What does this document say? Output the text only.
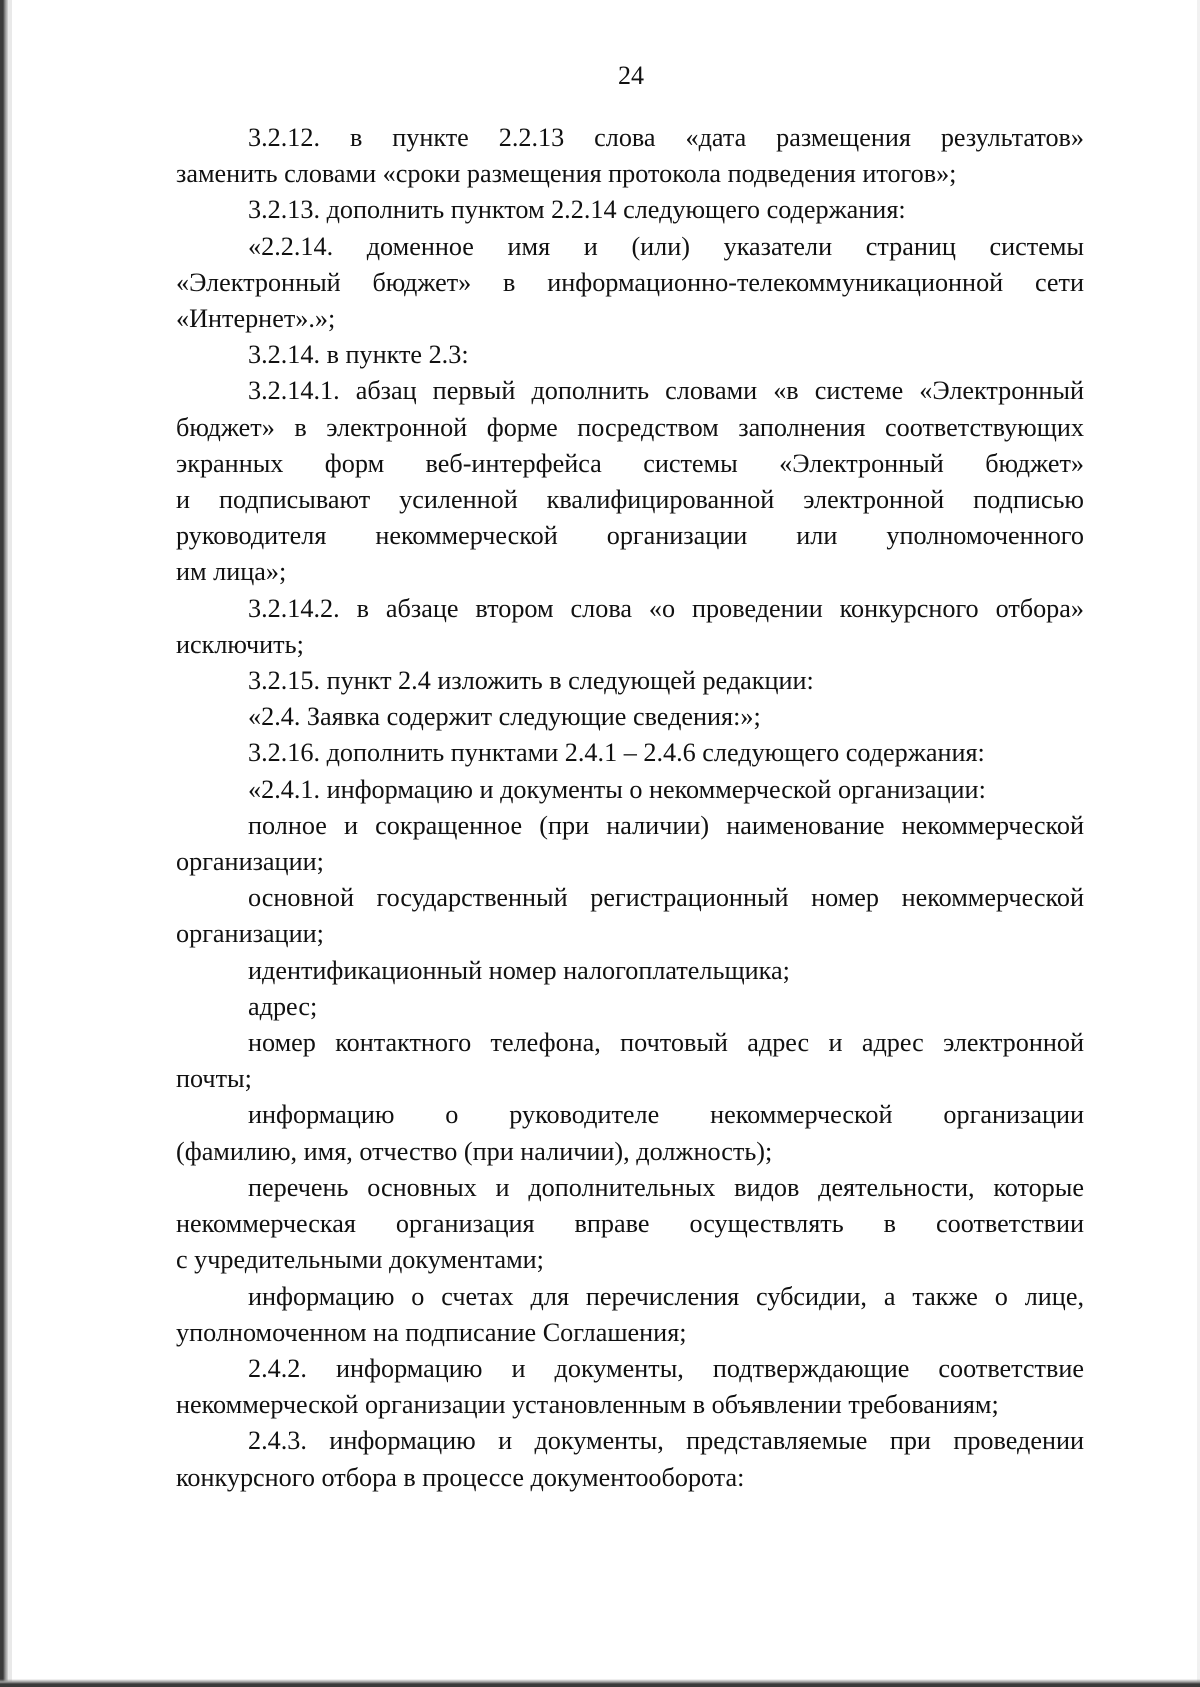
24
3.2.12. в пункте 2.2.13 слова «дата размещения результатов»
заменить словами «сроки размещения протокола подведения итогов»;
3.2.13. дополнить пунктом 2.2.14 следующего содержания:
«2.2.14. доменное имя и (или) указатели страниц системы
«Электронный бюджет» в информационно-телекоммуникационной сети
«Интернет».»;
3.2.14. в пункте 2.3:
3.2.14.1. абзац первый дополнить словами «в системе «Электронный
бюджет» в электронной форме посредством заполнения соответствующих
экранных форм веб-интерфейса системы «Электронный бюджет»
и подписывают усиленной квалифицированной электронной подписью
руководителя некоммерческой организации или уполномоченного
им лица»;
3.2.14.2. в абзаце втором слова «о проведении конкурсного отбора»
исключить;
3.2.15. пункт 2.4 изложить в следующей редакции:
«2.4. Заявка содержит следующие сведения:»;
3.2.16. дополнить пунктами 2.4.1 – 2.4.6 следующего содержания:
«2.4.1. информацию и документы о некоммерческой организации:
полное и сокращенное (при наличии) наименование некоммерческой
организации;
основной государственный регистрационный номер некоммерческой
организации;
идентификационный номер налогоплательщика;
адрес;
номер контактного телефона, почтовый адрес и адрес электронной
почты;
информацию о руководителе некоммерческой организации
(фамилию, имя, отчество (при наличии), должность);
перечень основных и дополнительных видов деятельности, которые
некоммерческая организация вправе осуществлять в соответствии
с учредительными документами;
информацию о счетах для перечисления субсидии, а также о лице,
уполномоченном на подписание Соглашения;
2.4.2. информацию и документы, подтверждающие соответствие
некоммерческой организации установленным в объявлении требованиям;
2.4.3. информацию и документы, представляемые при проведении
конкурсного отбора в процессе документооборота:
